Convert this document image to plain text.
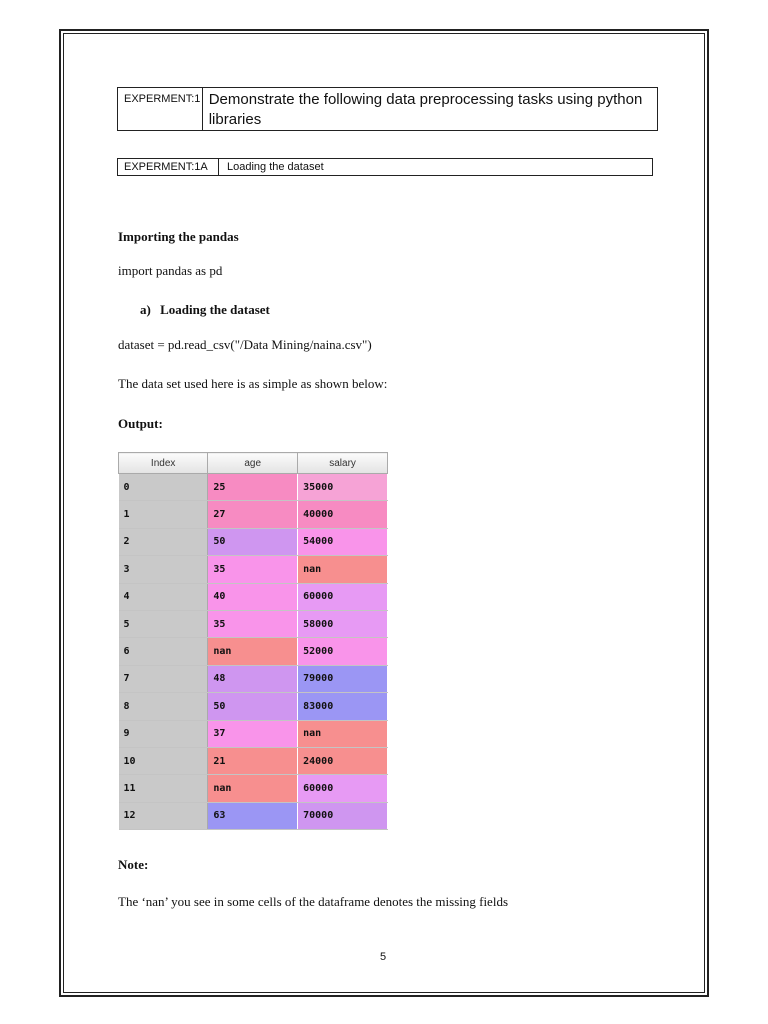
EXPERMENT:1 Demonstrate the following data preprocessing tasks using python libraries
EXPERMENT:1A	Loading the dataset
Importing the pandas
import pandas as pd
a) Loading the dataset
dataset = pd.read_csv("/Data Mining/naina.csv")
The data set used here is as simple as shown below:
Output:
Index	age	salary
0	25	35000
1	27	40000
2	50	54000
3	35	nan
4	40	60000
5	35	58000
6	nan	52000
7	48	79000
8	50	83000
9	37	nan
10	21	24000
11	nan	60000
12	63	70000
Note:
The ‘nan’ you see in some cells of the dataframe denotes the missing fields
5
